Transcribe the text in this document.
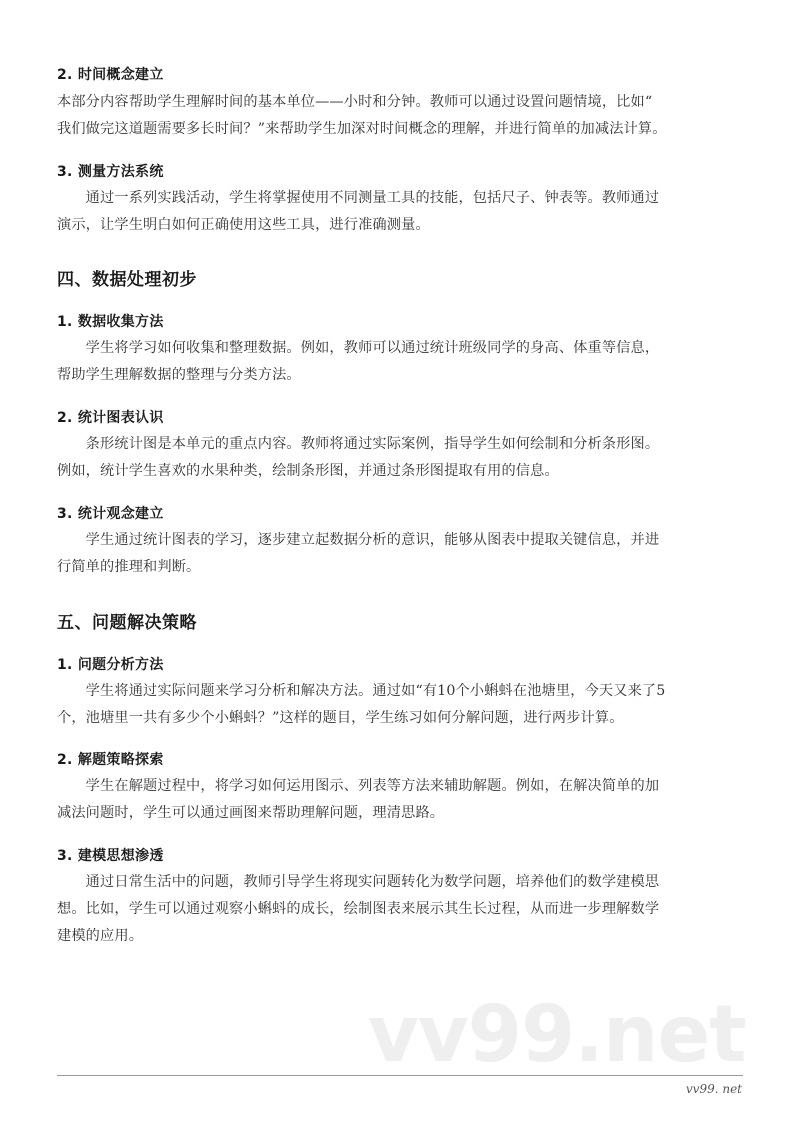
2. 时间概念建立
本部分内容帮助学生理解时间的基本单位——小时和分钟。教师可以通过设置问题情境，比如“
我们做完这道题需要多长时间？”来帮助学生加深对时间概念的理解，并进行简单的加减法计算。
3. 测量方法系统
　　通过一系列实践活动，学生将掌握使用不同测量工具的技能，包括尺子、钟表等。教师通过
演示，让学生明白如何正确使用这些工具，进行准确测量。
四、数据处理初步
1. 数据收集方法
　　学生将学习如何收集和整理数据。例如，教师可以通过统计班级同学的身高、体重等信息，
帮助学生理解数据的整理与分类方法。
2. 统计图表认识
　　条形统计图是本单元的重点内容。教师将通过实际案例，指导学生如何绘制和分析条形图。
例如，统计学生喜欢的水果种类，绘制条形图，并通过条形图提取有用的信息。
3. 统计观念建立
　　学生通过统计图表的学习，逐步建立起数据分析的意识，能够从图表中提取关键信息，并进
行简单的推理和判断。
五、问题解决策略
1. 问题分析方法
　　学生将通过实际问题来学习分析和解决方法。通过如“有10个小蝌蚪在池塘里，今天又来了5
个，池塘里一共有多少个小蝌蚪？”这样的题目，学生练习如何分解问题，进行两步计算。
2. 解题策略探索
　　学生在解题过程中，将学习如何运用图示、列表等方法来辅助解题。例如，在解决简单的加
减法问题时，学生可以通过画图来帮助理解问题，理清思路。
3. 建模思想渗透
　　通过日常生活中的问题，教师引导学生将现实问题转化为数学问题，培养他们的数学建模思
想。比如，学生可以通过观察小蝌蚪的成长，绘制图表来展示其生长过程，从而进一步理解数学
建模的应用。
vv99.net
vv99. net
